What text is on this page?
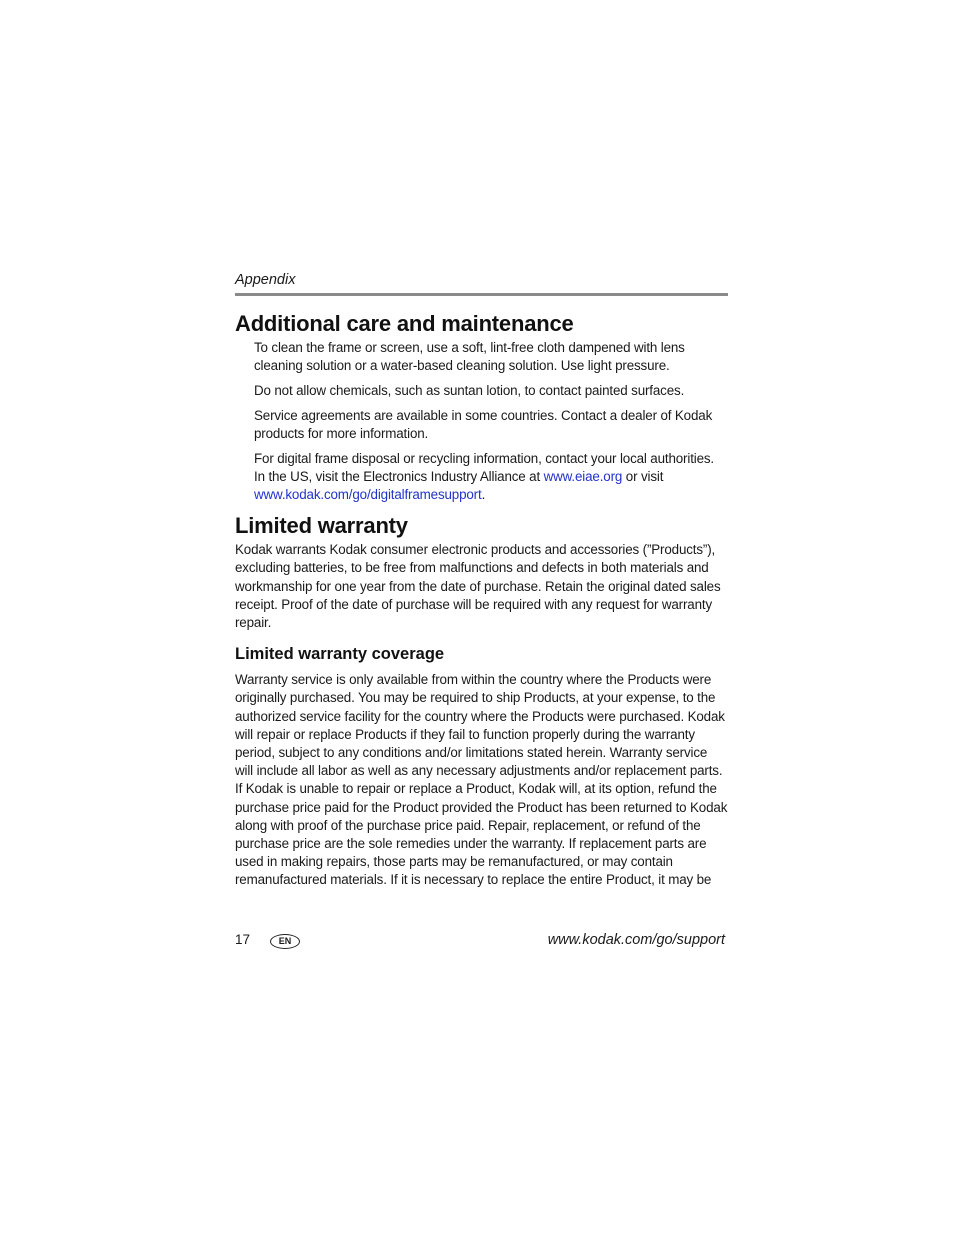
Appendix
Additional care and maintenance

To clean the frame or screen, use a soft, lint-free cloth dampened with lens cleaning solution or a water-based cleaning solution. Use light pressure.

Do not allow chemicals, such as suntan lotion, to contact painted surfaces.

Service agreements are available in some countries. Contact a dealer of Kodak products for more information.

For digital frame disposal or recycling information, contact your local authorities. In the US, visit the Electronics Industry Alliance at www.eiae.org or visit www.kodak.com/go/digitalframesupport.

Limited warranty

Kodak warrants Kodak consumer electronic products and accessories (”Products”), excluding batteries, to be free from malfunctions and defects in both materials and workmanship for one year from the date of purchase. Retain the original dated sales receipt. Proof of the date of purchase will be required with any request for warranty repair.

Limited warranty coverage

Warranty service is only available from within the country where the Products were originally purchased. You may be required to ship Products, at your expense, to the authorized service facility for the country where the Products were purchased. Kodak will repair or replace Products if they fail to function properly during the warranty period, subject to any conditions and/or limitations stated herein. Warranty service will include all labor as well as any necessary adjustments and/or replacement parts. If Kodak is unable to repair or replace a Product, Kodak will, at its option, refund the purchase price paid for the Product provided the Product has been returned to Kodak along with proof of the purchase price paid. Repair, replacement, or refund of the purchase price are the sole remedies under the warranty. If replacement parts are used in making repairs, those parts may be remanufactured, or may contain remanufactured materials. If it is necessary to replace the entire Product, it may be

17	EN	www.kodak.com/go/support
